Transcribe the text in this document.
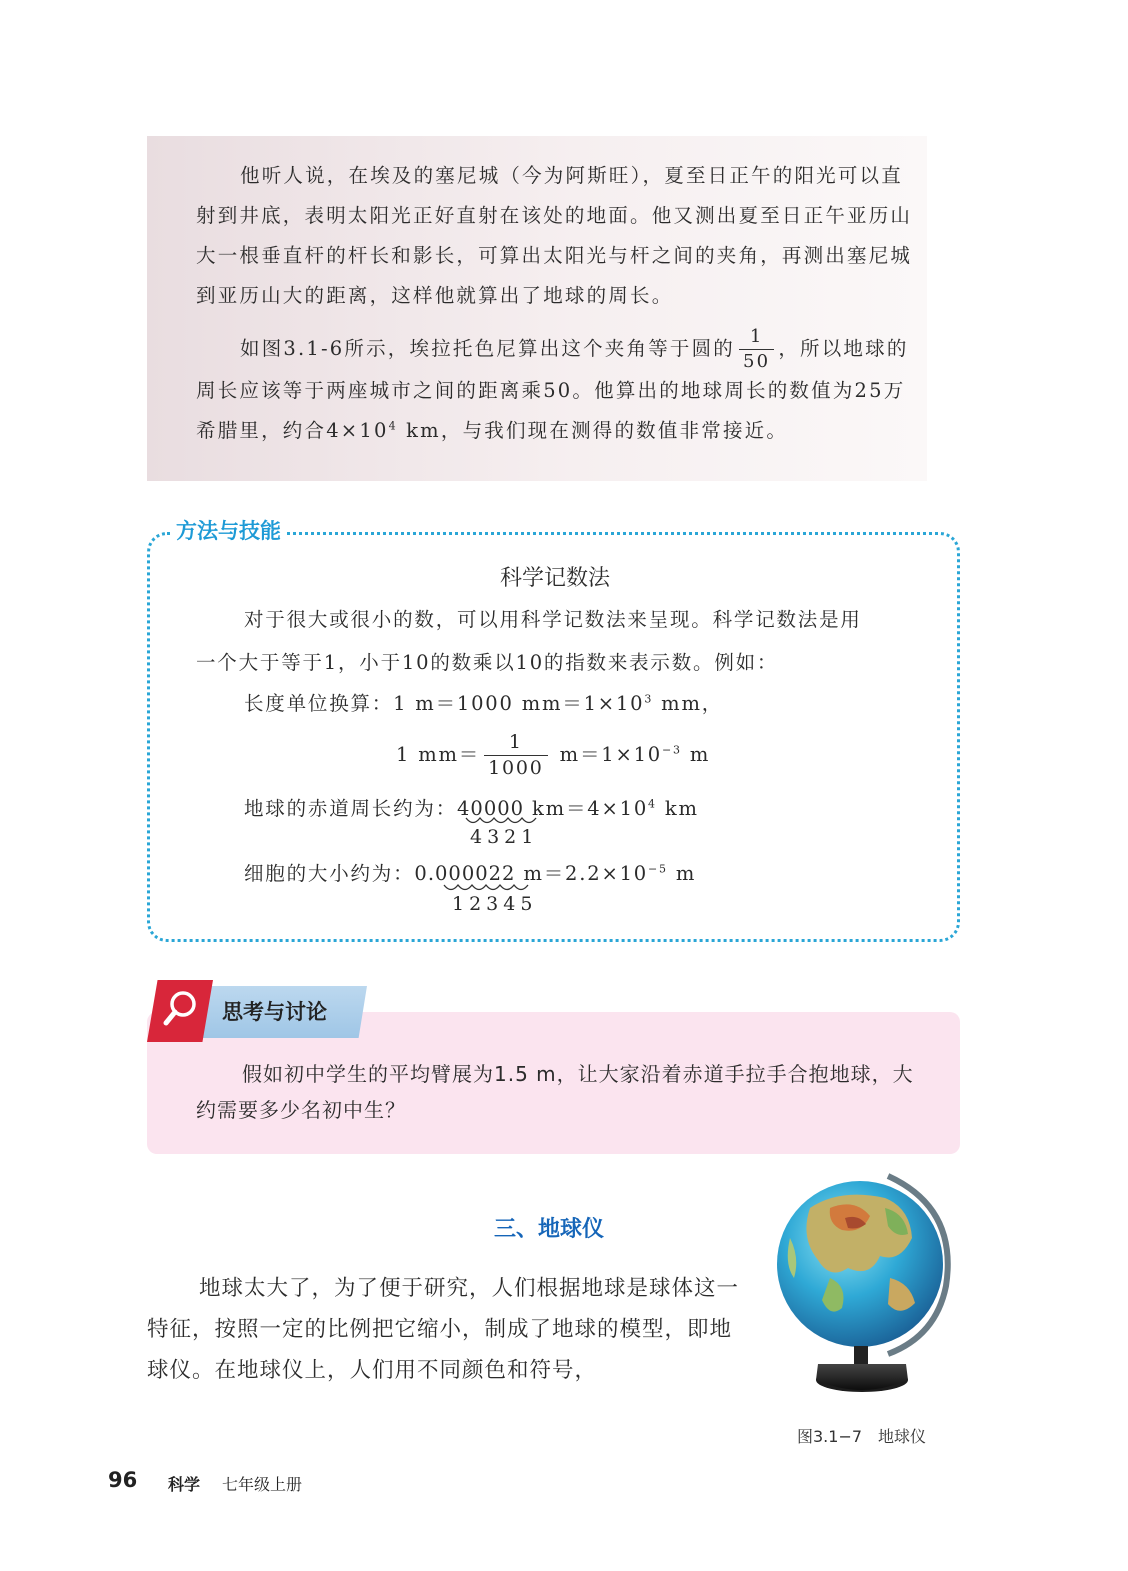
他听人说，在埃及的塞尼城（今为阿斯旺），夏至日正午的阳光可以直射到井底，表明太阳光正好直射在该处的地面。他又测出夏至日正午亚历山大一根垂直杆的杆长和影长，可算出太阳光与杆之间的夹角，再测出塞尼城到亚历山大的距离，这样他就算出了地球的周长。

如图3.1-6所示，埃拉托色尼算出这个夹角等于圆的 $\frac{1}{50}$ ，所以地球的周长应该等于两座城市之间的距离乘50。他算出的地球周长的数值为25万希腊里，约合$4\times 10^4$ km，与我们现在测得的数值非常接近。

方法与技能
科学记数法

对于很大或很小的数，可以用科学记数法来呈现。科学记数法是用

一个大于等于1，小于10的数乘以10的指数来表示数。例如：

长度单位换算：1 m＝1000 $mm=1\times 10^3$ mm，

1 $mm= \frac{1}{1000} m=1\times 10^{-3}$ m

地球的赤道周长约为：40000 $km=4\times 10^4$ km

4321

细胞的大小约为：0.000022 $m=2.2\times 10^{-5}$ m

12345
思考与讨论

假如初中学生的平均臂展为1.5 m，让大家沿着赤道手拉手合抱地球，大约需要多少名初中生？

三、地球仪

地球太大了，为了便于研究，人们根据地球是球体这一特征，按照一定的比例把它缩小，制成了地球的模型，即地球仪。在地球仪上，人们用不同颜色和符号，

图3.1−7　地球仪
96 科学 七年级上册
